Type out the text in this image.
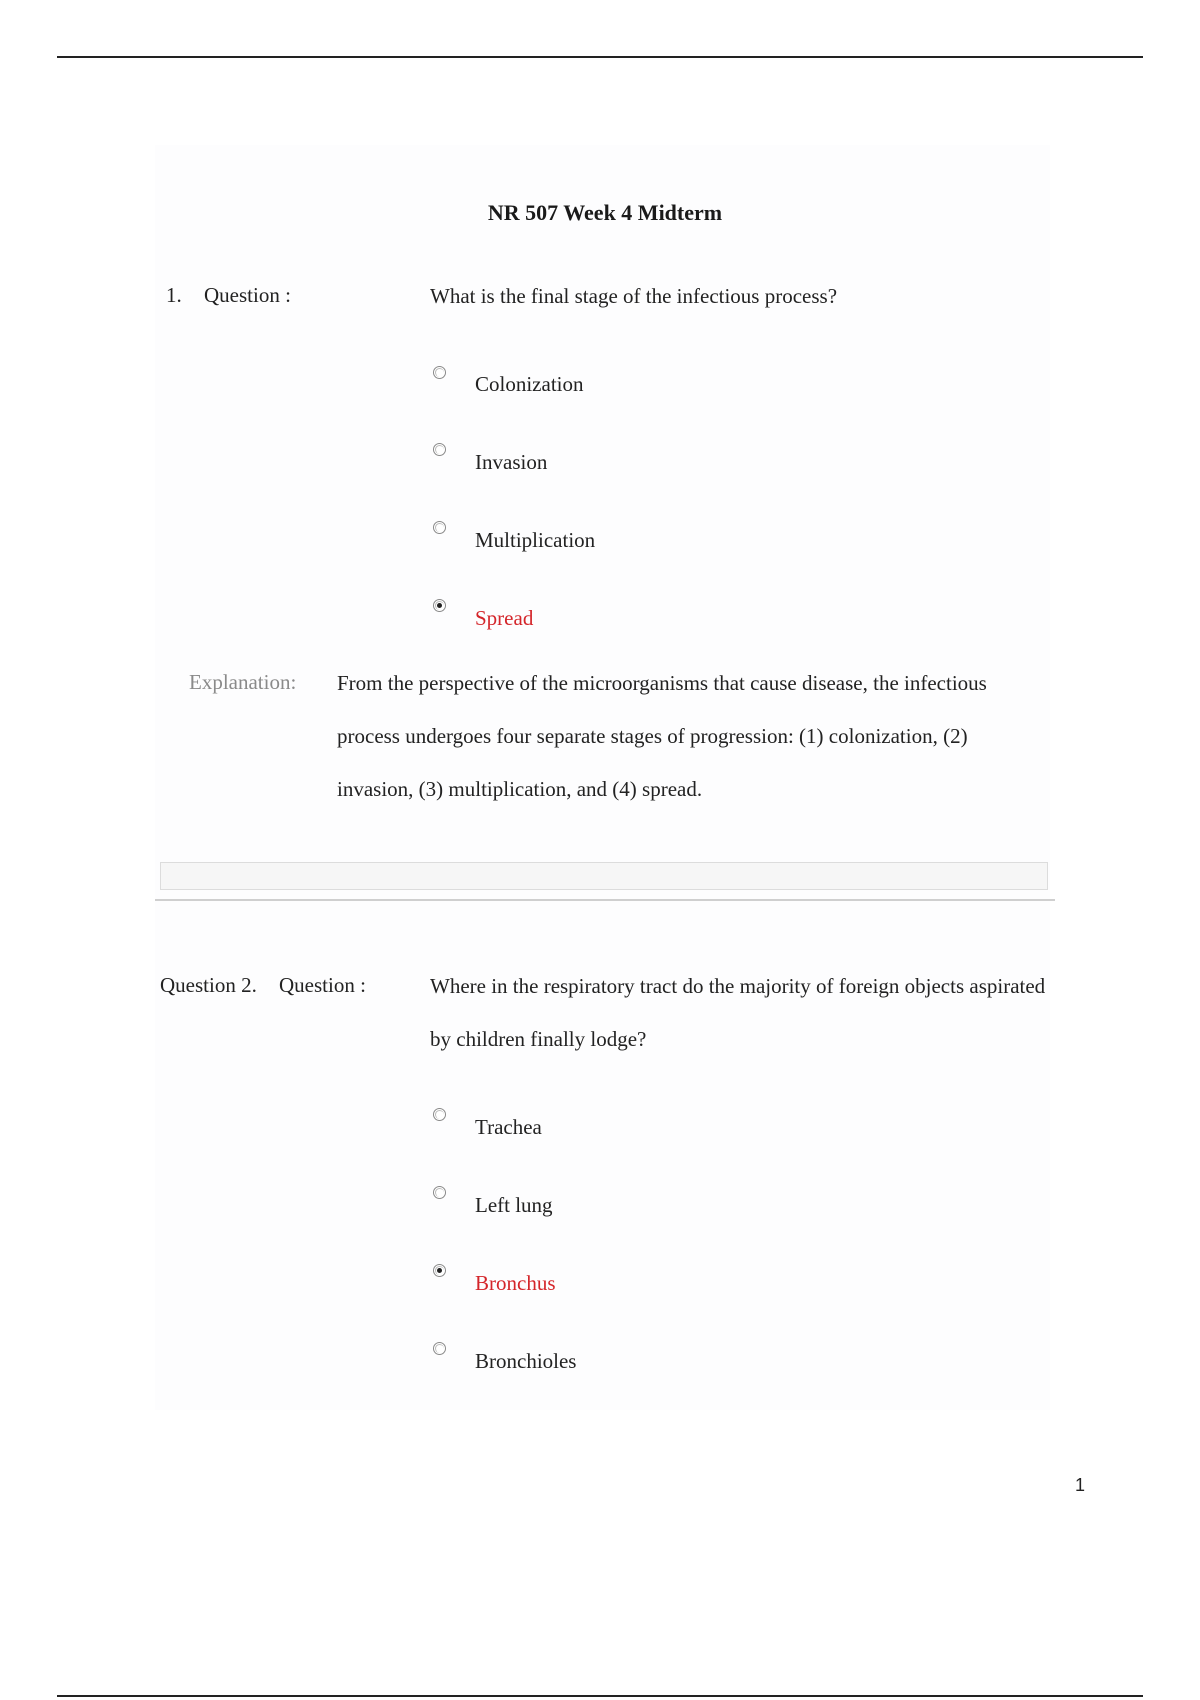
NR 507 Week 4 Midterm
1. Question :	What is the final stage of the infectious process?
Colonization
Invasion
Multiplication
Spread
Explanation: From the perspective of the microorganisms that cause disease, the infectious process undergoes four separate stages of progression: (1) colonization, (2) invasion, (3) multiplication, and (4) spread.
Question 2. Question :	Where in the respiratory tract do the majority of foreign objects aspirated by children finally lodge?
Trachea
Left lung
Bronchus
Bronchioles
1
